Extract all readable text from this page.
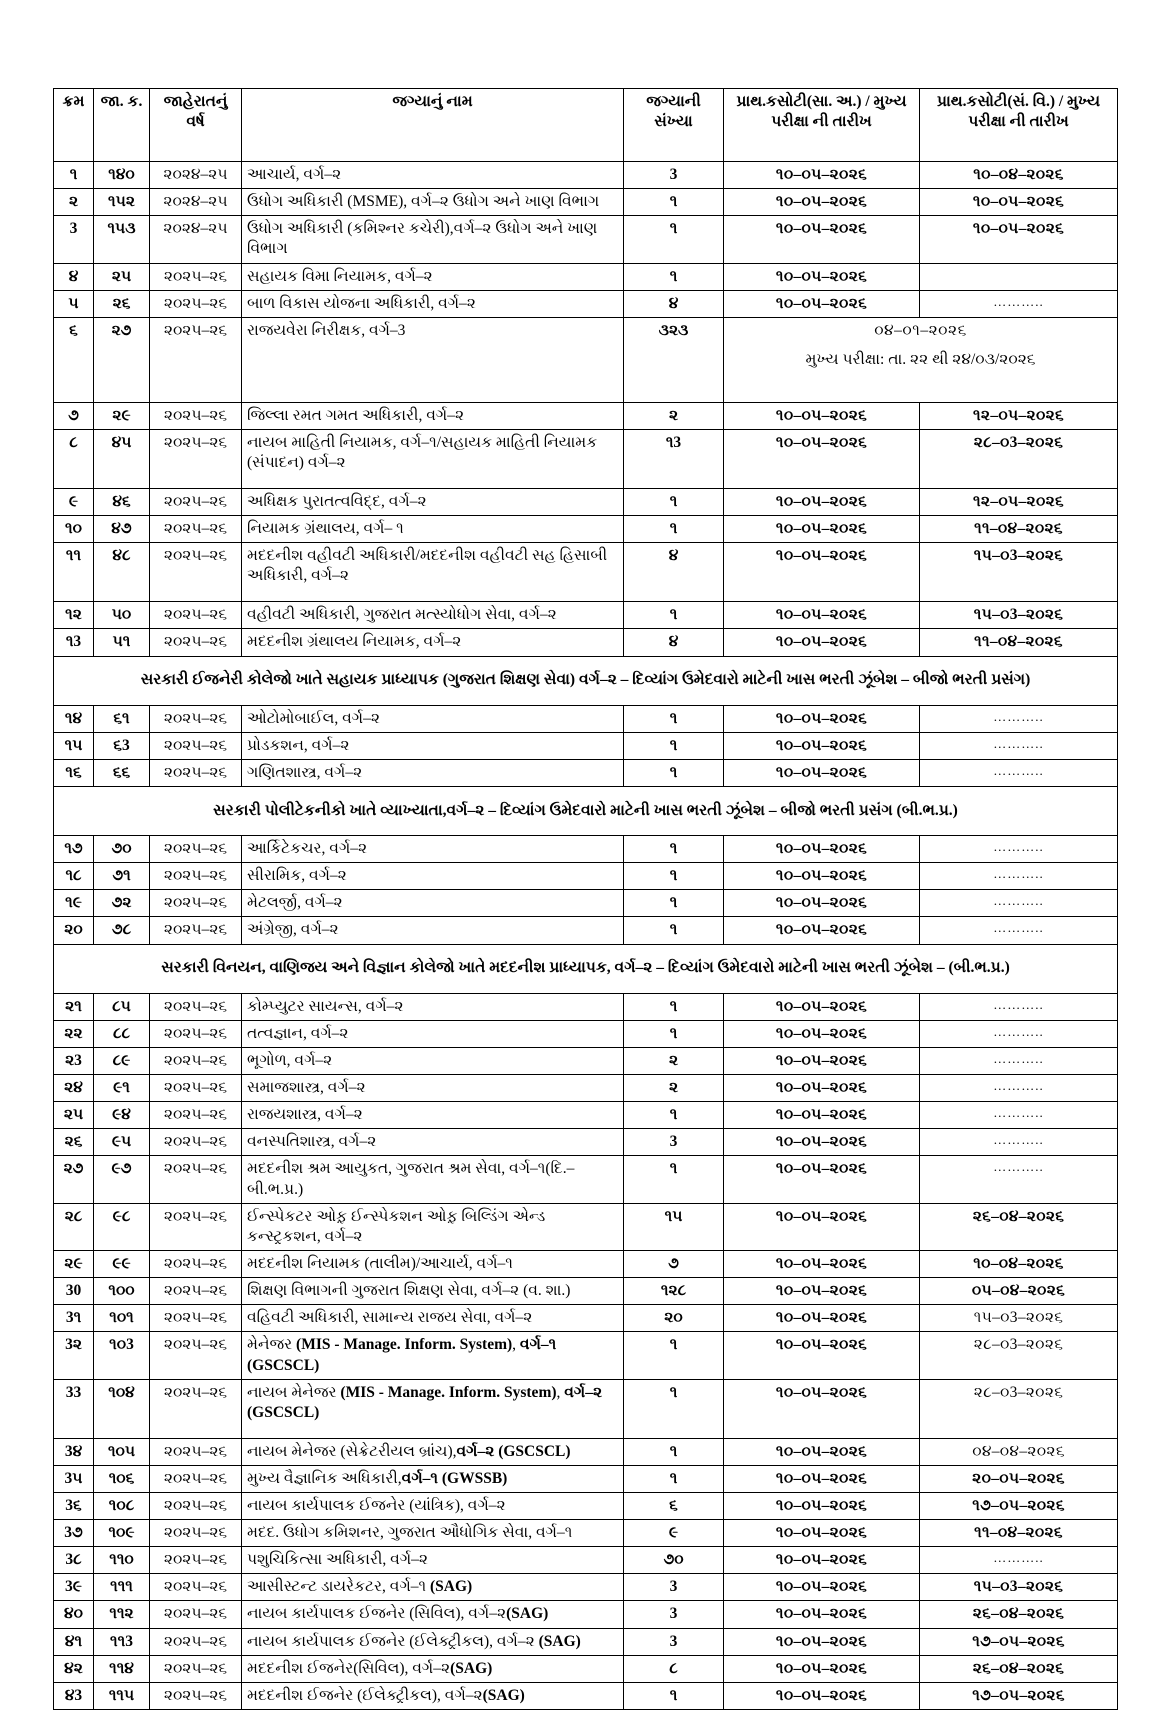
ક્રમ	જા. ક.	જાહેરાતનું વર્ષ	જગ્યાનું નામ	જગ્યાની સંખ્યા	પ્રાથ.કસોટી(સા. અ.) / મુખ્ય પરીક્ષા ની તારીખ	પ્રાથ.કસોટી(સં. વિ.) / મુખ્ય પરીક્ષા ની તારીખ
૧	૧૪૦	૨૦૨૪–૨૫	આચાર્ય, વર્ગ–૨	3	૧૦–૦૫–૨૦૨૬	૧૦–૦૪–૨૦૨૬
૨	૧૫૨	૨૦૨૪–૨૫	ઉધોગ અધિકારી (MSME), વર્ગ–૨ ઉધોગ અને ખાણ વિભાગ	૧	૧૦–૦૫–૨૦૨૬	૧૦–૦૫–૨૦૨૬
3	૧૫૩	૨૦૨૪–૨૫	ઉધોગ અધિકારી (કમિશ્નર કચેરી),વર્ગ–૨ ઉધોગ અને ખાણ વિભાગ	૧	૧૦–૦૫–૨૦૨૬	૧૦–૦૫–૨૦૨૬
૪	૨૫	૨૦૨૫–૨૬	સહાયક વિમા નિયામક, વર્ગ–૨	૧	૧૦–૦૫–૨૦૨૬	
૫	૨૬	૨૦૨૫–૨૬	બાળ વિકાસ યોજના અધિકારી, વર્ગ–૨	૪	૧૦–૦૫–૨૦૨૬	………..
૬	૨૭	૨૦૨૫–૨૬	રાજયવેરા નિરીક્ષક, વર્ગ–3	૩૨૩	૦૪–૦૧–૨૦૨૬
મુખ્ય પરીક્ષા: તા. ૨૨ થી ૨૪/૦૩/૨૦૨૬	

૭	૨૯	૨૦૨૫–૨૬	જિલ્લા રમત ગમત અધિકારી, વર્ગ–૨	૨	૧૦–૦૫–૨૦૨૬	૧૨–૦૫–૨૦૨૬
૮	૪૫	૨૦૨૫–૨૬	નાયબ માહિતી નિયામક, વર્ગ–૧/સહાયક માહિતી નિયામક (સંપાદન) વર્ગ–૨	૧3	૧૦–૦૫–૨૦૨૬	૨૮–૦3–૨૦૨૬
૯	૪૬	૨૦૨૫–૨૬	અધિક્ષક પુરાતત્વવિદ્દ, વર્ગ–૨	૧	૧૦–૦૫–૨૦૨૬	૧૨–૦૫–૨૦૨૬
૧૦	૪૭	૨૦૨૫–૨૬	નિયામક ગ્રંથાલય, વર્ગ– ૧	૧	૧૦–૦૫–૨૦૨૬	૧૧–૦૪–૨૦૨૬
૧૧	૪૮	૨૦૨૫–૨૬	મદદનીશ વહીવટી અધિકારી/મદદનીશ વહીવટી સહ હિસાબી અધિકારી, વર્ગ–૨	૪	૧૦–૦૫–૨૦૨૬	૧૫–૦3–૨૦૨૬
૧૨	૫૦	૨૦૨૫–૨૬	વહીવટી અધિકારી, ગુજરાત મત્સ્યોધોગ સેવા, વર્ગ–૨	૧	૧૦–૦૫–૨૦૨૬	૧૫–૦3–૨૦૨૬
૧3	૫૧	૨૦૨૫–૨૬	મદદનીશ ગ્રંથાલય નિયામક, વર્ગ–૨	૪	૧૦–૦૫–૨૦૨૬	૧૧–૦૪–૨૦૨૬
સરકારી ઈજનેરી કોલેજો ખાતે સહાયક પ્રાધ્યાપક (ગુજરાત શિક્ષણ સેવા) વર્ગ–૨ – દિવ્યાંગ ઉમેદવારો માટેની ખાસ ભરતી ઝૂંબેશ – બીજો ભરતી પ્રસંગ)						
૧૪	૬૧	૨૦૨૫–૨૬	ઓટોમોબાઈલ, વર્ગ–૨	૧	૧૦–૦૫–૨૦૨૬	………..
૧૫	૬3	૨૦૨૫–૨૬	પ્રોડકશન, વર્ગ–૨	૧	૧૦–૦૫–૨૦૨૬	………..
૧૬	૬૬	૨૦૨૫–૨૬	ગણિતશાસ્ત્ર, વર્ગ–૨	૧	૧૦–૦૫–૨૦૨૬	………..
સરકારી પોલીટેકનીકો ખાતે વ્યાખ્યાતા,વર્ગ–૨ – દિવ્યાંગ ઉમેદવારો માટેની ખાસ ભરતી ઝૂંબેશ – બીજો ભરતી પ્રસંગ (બી.ભ.પ્ર.)						
૧૭	૭૦	૨૦૨૫–૨૬	આર્કિટેકચર, વર્ગ–૨	૧	૧૦–૦૫–૨૦૨૬	………..
૧૮	૭૧	૨૦૨૫–૨૬	સીરામિક, વર્ગ–૨	૧	૧૦–૦૫–૨૦૨૬	………..
૧૯	૭૨	૨૦૨૫–૨૬	મેટલર્જી, વર્ગ–૨	૧	૧૦–૦૫–૨૦૨૬	………..
૨૦	૭૮	૨૦૨૫–૨૬	અંગ્રેજી, વર્ગ–૨	૧	૧૦–૦૫–૨૦૨૬	………..
સરકારી વિનયન, વાણિજય અને વિજ્ઞાન કોલેજો ખાતે મદદનીશ પ્રાધ્યાપક, વર્ગ–૨ – દિવ્યાંગ ઉમેદવારો માટેની ખાસ ભરતી ઝૂંબેશ – (બી.ભ.પ્ર.)						
૨૧	૮૫	૨૦૨૫–૨૬	કોમ્પ્યુટર સાયન્સ, વર્ગ–૨	૧	૧૦–૦૫–૨૦૨૬	………..
૨૨	૮૮	૨૦૨૫–૨૬	તત્વજ્ઞાન, વર્ગ–૨	૧	૧૦–૦૫–૨૦૨૬	………..
૨3	૮૯	૨૦૨૫–૨૬	ભૂગોળ, વર્ગ–૨	૨	૧૦–૦૫–૨૦૨૬	………..
૨૪	૯૧	૨૦૨૫–૨૬	સમાજશાસ્ત્ર, વર્ગ–૨	૨	૧૦–૦૫–૨૦૨૬	………..
૨૫	૯૪	૨૦૨૫–૨૬	રાજયશાસ્ત્ર, વર્ગ–૨	૧	૧૦–૦૫–૨૦૨૬	………..
૨૬	૯૫	૨૦૨૫–૨૬	વનસ્પતિશાસ્ત્ર, વર્ગ–૨	3	૧૦–૦૫–૨૦૨૬	………..
૨૭	૯૭	૨૦૨૫–૨૬	મદદનીશ શ્રમ આયુકત, ગુજરાત શ્રમ સેવા, વર્ગ–૧(દિ.– બી.ભ.પ્ર.)	૧	૧૦–૦૫–૨૦૨૬	………..
૨૮	૯૮	૨૦૨૫–૨૬	ઈન્સ્પેકટર ઓફ઼ ઈન્સ્પેકશન ઓફ઼ બિલ્ડિંગ એન્ડ કન્સ્ટ્રકશન, વર્ગ–૨	૧૫	૧૦–૦૫–૨૦૨૬	૨૬–૦૪–૨૦૨૬
૨૯	૯૯	૨૦૨૫–૨૬	મદદનીશ નિયામક (તાલીમ)/આચાર્ય, વર્ગ–૧	૭	૧૦–૦૫–૨૦૨૬	૧૦–૦૪–૨૦૨૬
30	૧૦૦	૨૦૨૫–૨૬	શિક્ષણ વિભાગની ગુજરાત શિક્ષણ સેવા, વર્ગ–૨ (વ. શા.)	૧૨૮	૧૦–૦૫–૨૦૨૬	૦૫–૦૪–૨૦૨૬
3૧	૧૦૧	૨૦૨૫–૨૬	વહિવટી અધિકારી, સામાન્ય રાજય સેવા, વર્ગ–૨	૨૦	૧૦–૦૫–૨૦૨૬	૧૫–૦3–૨૦૨૬
3૨	૧૦3	૨૦૨૫–૨૬	મેનેજર (MIS - Manage. Inform. System), વર્ગ–૧ (GSCSCL)	૧	૧૦–૦૫–૨૦૨૬	૨૮–૦3–૨૦૨૬
33	૧૦૪	૨૦૨૫–૨૬	નાયબ મેનેજર (MIS - Manage. Inform. System), વર્ગ–૨
(GSCSCL)	૧	૧૦–૦૫–૨૦૨૬	૨૮–૦3–૨૦૨૬
3૪	૧૦૫	૨૦૨૫–૨૬	નાયબ મેનેજર (સેક્રેટરીયલ બ્રાંચ),વર્ગ–૨ (GSCSCL)	૧	૧૦–૦૫–૨૦૨૬	૦૪–૦૪–૨૦૨૬
3૫	૧૦૬	૨૦૨૫–૨૬	મુખ્ય વૈજ્ઞાનિક અધિકારી,વર્ગ–૧ (GWSSB)	૧	૧૦–૦૫–૨૦૨૬	૨૦–૦૫–૨૦૨૬
3૬	૧૦૮	૨૦૨૫–૨૬	નાયબ કાર્યપાલક ઈજનેર (યાંત્રિક), વર્ગ–૨	૬	૧૦–૦૫–૨૦૨૬	૧૭–૦૫–૨૦૨૬
3૭	૧૦૯	૨૦૨૫–૨૬	મદદ. ઉધોગ કમિશનર, ગુજરાત ઔધોગિક સેવા, વર્ગ–૧	૯	૧૦–૦૫–૨૦૨૬	૧૧–૦૪–૨૦૨૬
3૮	૧૧૦	૨૦૨૫–૨૬	પશુચિકિત્સા અધિકારી, વર્ગ–૨	૭૦	૧૦–૦૫–૨૦૨૬	………..
3૯	૧૧૧	૨૦૨૫–૨૬	આસીસ્ટન્ટ ડાયરેકટર, વર્ગ–૧ (SAG)	3	૧૦–૦૫–૨૦૨૬	૧૫–૦3–૨૦૨૬
૪૦	૧૧૨	૨૦૨૫–૨૬	નાયબ કાર્યપાલક ઈજનેર (સિવિલ), વર્ગ–૨(SAG)	3	૧૦–૦૫–૨૦૨૬	૨૬–૦૪–૨૦૨૬
૪૧	૧૧3	૨૦૨૫–૨૬	નાયબ કાર્યપાલક ઈજનેર (ઈલેક્ટ્રીકલ), વર્ગ–૨ (SAG)	3	૧૦–૦૫–૨૦૨૬	૧૭–૦૫–૨૦૨૬
૪૨	૧૧૪	૨૦૨૫–૨૬	મદદનીશ ઈજનેર(સિવિલ), વર્ગ–૨(SAG)	૮	૧૦–૦૫–૨૦૨૬	૨૬–૦૪–૨૦૨૬
૪3	૧૧૫	૨૦૨૫–૨૬	મદદનીશ ઈજનેર (ઈલેક્ટ્રીકલ), વર્ગ–૨(SAG)	૧	૧૦–૦૫–૨૦૨૬	૧૭–૦૫–૨૦૨૬
